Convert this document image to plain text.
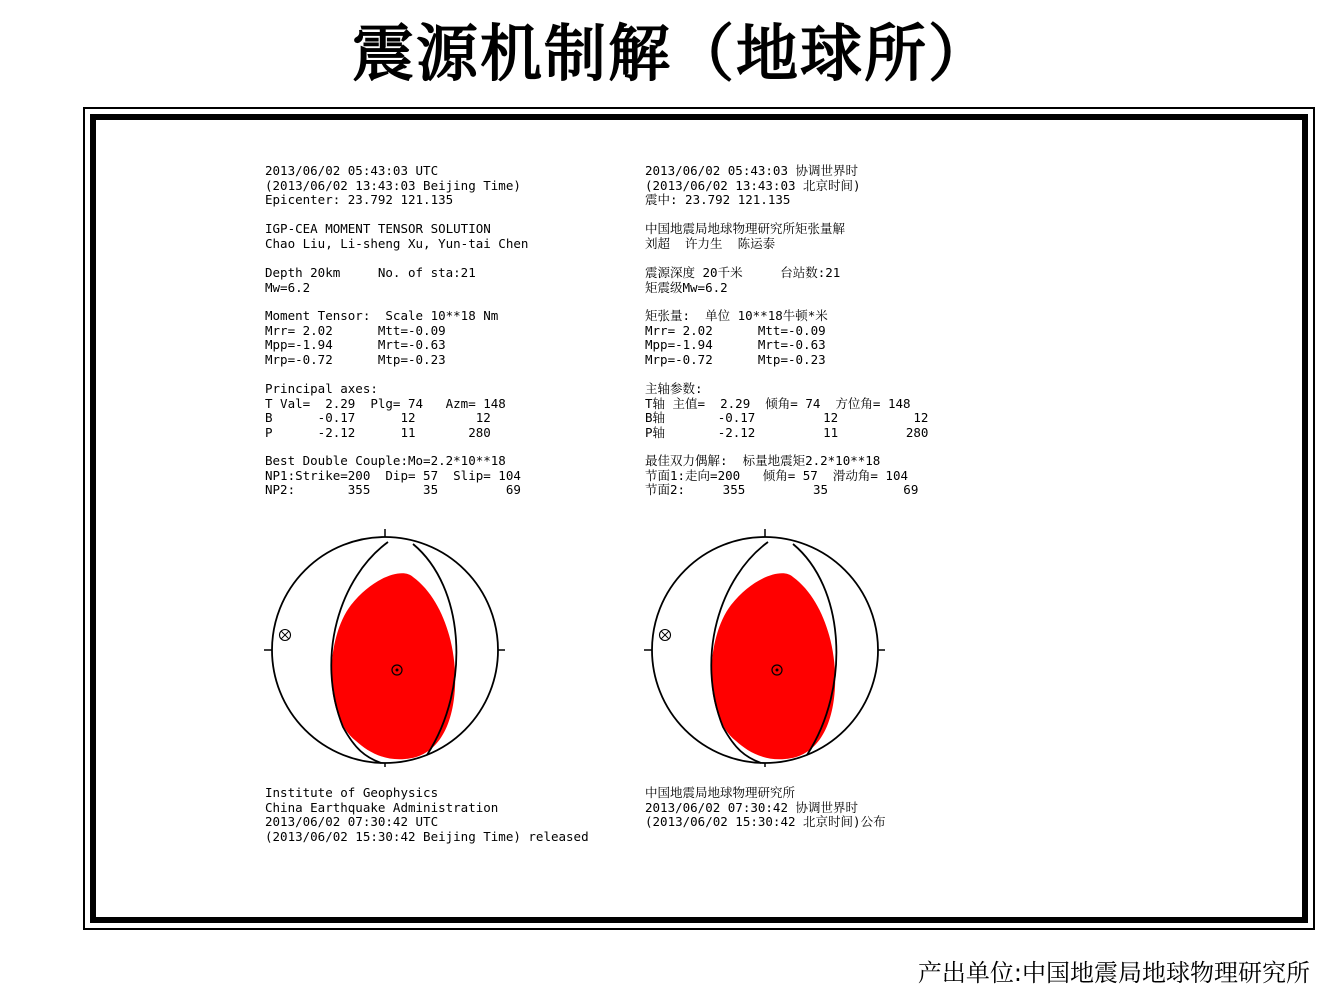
震源机制解（地球所）
2013/06/02 05:43:03 UTC
(2013/06/02 13:43:03 Beijing Time)
Epicenter: 23.792 121.135
IGP-CEA MOMENT TENSOR SOLUTION
Chao Liu, Li-sheng Xu, Yun-tai Chen
Depth 20km     No. of sta:21
Mw=6.2
Moment Tensor:  Scale 10**18 Nm
Mrr= 2.02      Mtt=-0.09
Mpp=-1.94      Mrt=-0.63
Mrp=-0.72      Mtp=-0.23
Principal axes:
T Val=  2.29  Plg= 74   Azm= 148
B      -0.17      12        12
P      -2.12      11       280
Best Double Couple:Mo=2.2*10**18
NP1:Strike=200  Dip= 57  Slip= 104
NP2:       355       35         69
Institute of Geophysics
China Earthquake Administration
2013/06/02 07:30:42 UTC
(2013/06/02 15:30:42 Beijing Time) released
2013/06/02 05:43:03 协调世界时
(2013/06/02 13:43:03 北京时间)
震中: 23.792 121.135
中国地震局地球物理研究所矩张量解
刘超  许力生  陈运泰
震源深度 20千米     台站数:21
矩震级Mw=6.2
矩张量:  单位 10**18牛顿*米
Mrr= 2.02      Mtt=-0.09
Mpp=-1.94      Mrt=-0.63
Mrp=-0.72      Mtp=-0.23
主轴参数:
T轴 主值=  2.29  倾角= 74  方位角= 148
B轴       -0.17         12          12
P轴       -2.12         11         280
最佳双力偶解:  标量地震矩2.2*10**18
节面1:走向=200   倾角= 57  滑动角= 104
节面2:     355         35          69
中国地震局地球物理研究所
2013/06/02 07:30:42 协调世界时
(2013/06/02 15:30:42 北京时间)公布
产出单位:中国地震局地球物理研究所
